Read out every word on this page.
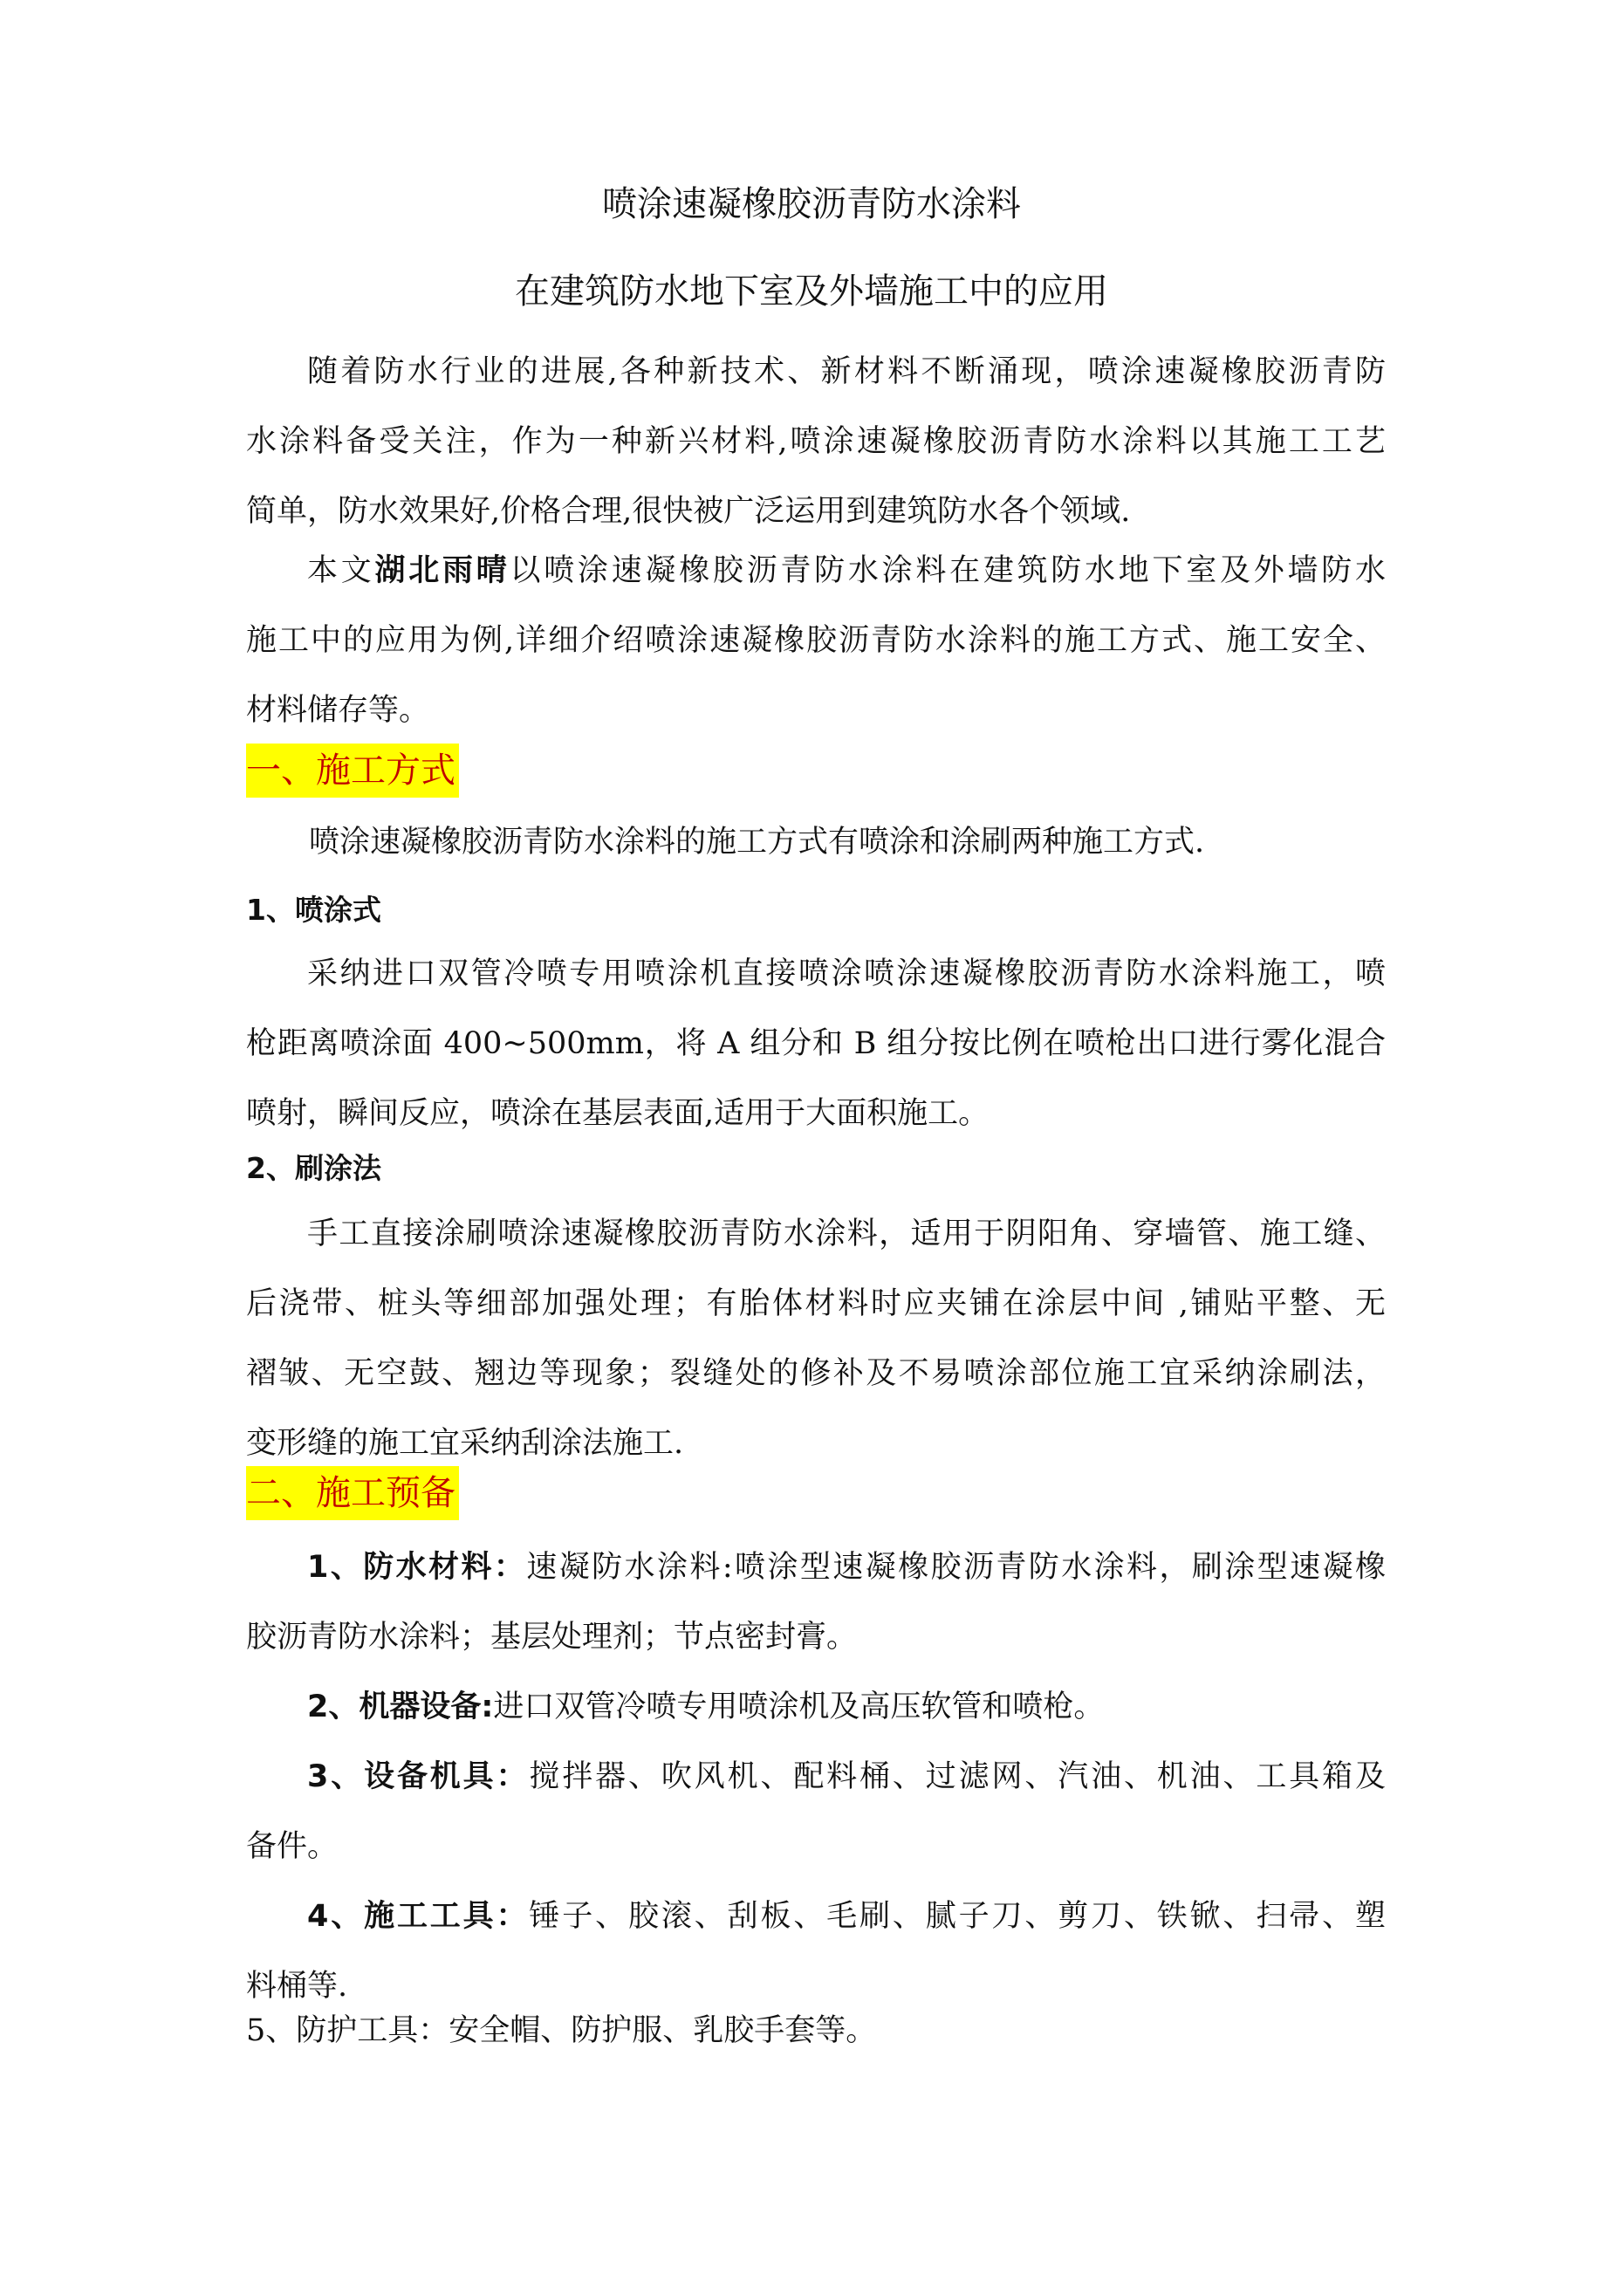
喷涂速凝橡胶沥青防水涂料
在建筑防水地下室及外墙施工中的应用
随着防水行业的进展,各种新技术、新材料不断涌现，喷涂速凝橡胶沥青防
水涂料备受关注，作为一种新兴材料,喷涂速凝橡胶沥青防水涂料以其施工工艺
简单，防水效果好,价格合理,很快被广泛运用到建筑防水各个领域.
本文湖北雨晴以喷涂速凝橡胶沥青防水涂料在建筑防水地下室及外墙防水
施工中的应用为例,详细介绍喷涂速凝橡胶沥青防水涂料的施工方式、施工安全、
材料储存等。
一、施工方式
喷涂速凝橡胶沥青防水涂料的施工方式有喷涂和涂刷两种施工方式.
1、喷涂式
采纳进口双管冷喷专用喷涂机直接喷涂喷涂速凝橡胶沥青防水涂料施工，喷
枪距离喷涂面 400~500mm，将 A 组分和 B 组分按比例在喷枪出口进行雾化混合
喷射，瞬间反应，喷涂在基层表面,适用于大面积施工。
2、刷涂法
手工直接涂刷喷涂速凝橡胶沥青防水涂料，适用于阴阳角、穿墙管、施工缝、
后浇带、桩头等细部加强处理；有胎体材料时应夹铺在涂层中间 ,铺贴平整、无
褶皱、无空鼓、翘边等现象；裂缝处的修补及不易喷涂部位施工宜采纳涂刷法，
变形缝的施工宜采纳刮涂法施工.
二、施工预备
1、防水材料：速凝防水涂料:喷涂型速凝橡胶沥青防水涂料，刷涂型速凝橡
胶沥青防水涂料；基层处理剂；节点密封膏。
2、机器设备:进口双管冷喷专用喷涂机及高压软管和喷枪。
3、设备机具：搅拌器、吹风机、配料桶、过滤网、汽油、机油、工具箱及
备件。
4、施工工具：锤子、胶滚、刮板、毛刷、腻子刀、剪刀、铁锨、扫帚、塑
料桶等.
5、防护工具：安全帽、防护服、乳胶手套等。
